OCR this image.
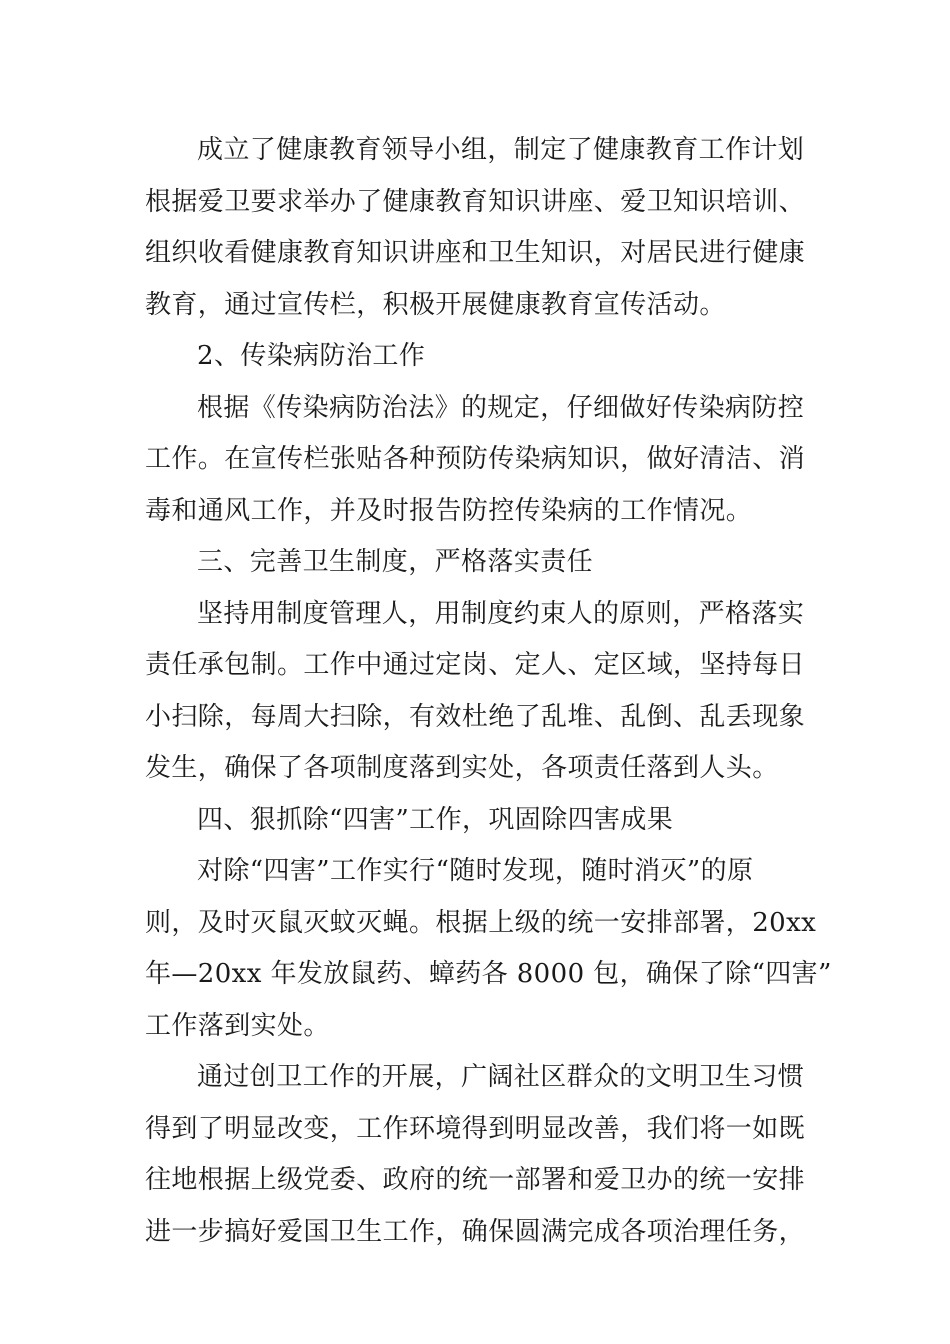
成立了健康教育领导小组，制定了健康教育工作计划
根据爱卫要求举办了健康教育知识讲座、爱卫知识培训、
组织收看健康教育知识讲座和卫生知识，对居民进行健康
教育，通过宣传栏，积极开展健康教育宣传活动。
2、传染病防治工作
根据《传染病防治法》的规定，仔细做好传染病防控
工作。在宣传栏张贴各种预防传染病知识，做好清洁、消
毒和通风工作，并及时报告防控传染病的工作情况。
三、完善卫生制度，严格落实责任
坚持用制度管理人，用制度约束人的原则，严格落实
责任承包制。工作中通过定岗、定人、定区域，坚持每日
小扫除，每周大扫除，有效杜绝了乱堆、乱倒、乱丢现象
发生，确保了各项制度落到实处，各项责任落到人头。
四、狠抓除“四害”工作，巩固除四害成果
对除“四害”工作实行“随时发现，随时消灭”的原
则，及时灭鼠灭蚊灭蝇。根据上级的统一安排部署，20xx
年—20xx 年发放鼠药、蟑药各 8000 包，确保了除“四害”
工作落到实处。
通过创卫工作的开展，广阔社区群众的文明卫生习惯
得到了明显改变，工作环境得到明显改善，我们将一如既
往地根据上级党委、政府的统一部署和爱卫办的统一安排
进一步搞好爱国卫生工作，确保圆满完成各项治理任务，
